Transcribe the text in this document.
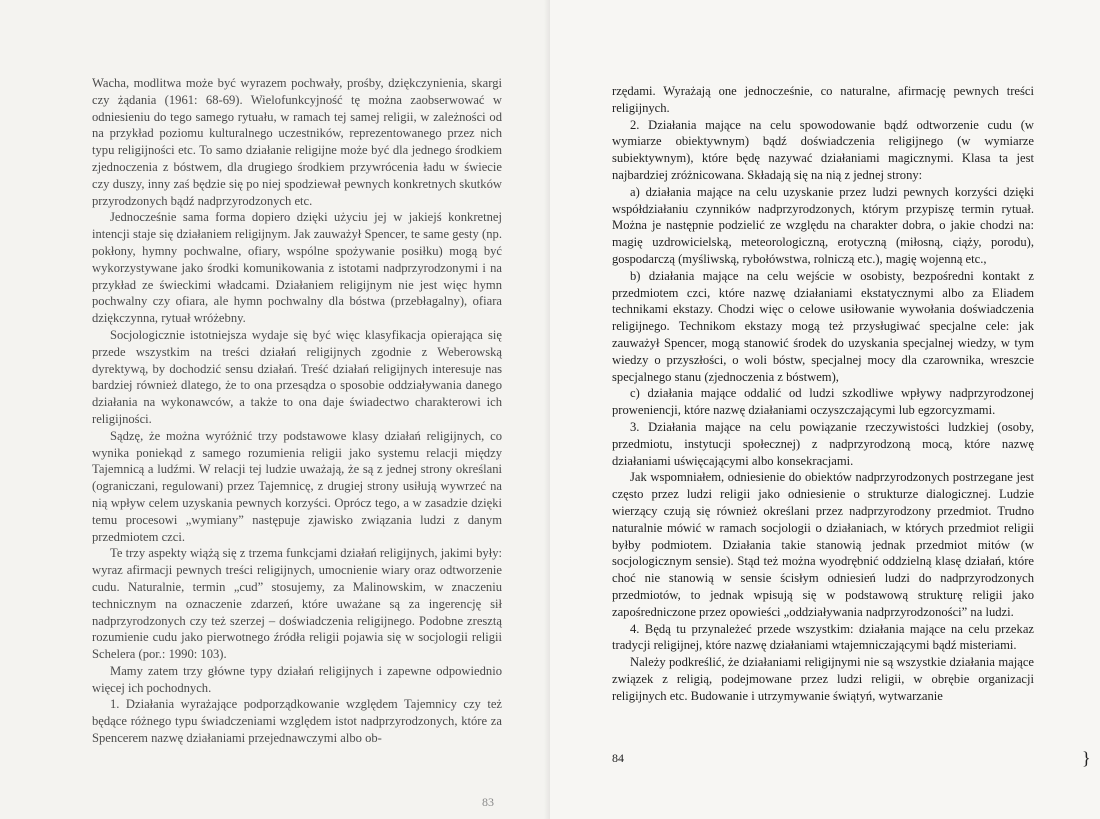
Wacha, modlitwa może być wyrazem pochwały, prośby, dziękczynienia, skargi czy żądania (1961: 68-69). Wielofunkcyjność tę można zaobserwować w odniesieniu do tego samego rytuału, w ramach tej samej religii, w zależności od na przykład poziomu kulturalnego uczestników, reprezentowanego przez nich typu religijności etc. To samo działanie religijne może być dla jednego środkiem zjednoczenia z bóstwem, dla drugiego środkiem przywrócenia ładu w świecie czy duszy, inny zaś będzie się po niej spodziewał pewnych konkretnych skutków przyrodzonych bądź nadprzyrodzonych etc.

Jednocześnie sama forma dopiero dzięki użyciu jej w jakiejś konkretnej intencji staje się działaniem religijnym. Jak zauważył Spencer, te same gesty (np. pokłony, hymny pochwalne, ofiary, wspólne spożywanie posiłku) mogą być wykorzystywane jako środki komunikowania z istotami nadprzyrodzonymi i na przykład ze świeckimi władcami. Działaniem religijnym nie jest więc hymn pochwalny czy ofiara, ale hymn pochwalny dla bóstwa (przebłagalny), ofiara dziękczynna, rytuał wróżebny.

Socjologicznie istotniejsza wydaje się być więc klasyfikacja opierająca się przede wszystkim na treści działań religijnych zgodnie z Weberowską dyrektywą, by dochodzić sensu działań. Treść działań religijnych interesuje nas bardziej również dlatego, że to ona przesądza o sposobie oddziaływania danego działania na wykonawców, a także to ona daje świadectwo charakterowi ich religijności.

Sądzę, że można wyróżnić trzy podstawowe klasy działań religijnych, co wynika poniekąd z samego rozumienia religii jako systemu relacji między Tajemnicą a ludźmi. W relacji tej ludzie uważają, że są z jednej strony określani (ograniczani, regulowani) przez Tajemnicę, z drugiej strony usiłują wywrzeć na nią wpływ celem uzyskania pewnych korzyści. Oprócz tego, a w zasadzie dzięki temu procesowi „wymiany” następuje zjawisko związania ludzi z danym przedmiotem czci.

Te trzy aspekty wiążą się z trzema funkcjami działań religijnych, jakimi były: wyraz afirmacji pewnych treści religijnych, umocnienie wiary oraz odtworzenie cudu. Naturalnie, termin „cud” stosujemy, za Malinowskim, w znaczeniu technicznym na oznaczenie zdarzeń, które uważane są za ingerencję sił nadprzyrodzonych czy też szerzej – doświadczenia religijnego. Podobne zresztą rozumienie cudu jako pierwotnego źródła religii pojawia się w socjologii religii Schelera (por.: 1990: 103).

Mamy zatem trzy główne typy działań religijnych i zapewne odpowiednio więcej ich pochodnych.

1. Działania wyrażające podporządkowanie względem Tajemnicy czy też będące różnego typu świadczeniami względem istot nadprzyrodzonych, które za Spencerem nazwę działaniami przejednawczymi albo ob-

83

rzędami. Wyrażają one jednocześnie, co naturalne, afirmację pewnych treści religijnych.

2. Działania mające na celu spowodowanie bądź odtworzenie cudu (w wymiarze obiektywnym) bądź doświadczenia religijnego (w wymiarze subiektywnym), które będę nazywać działaniami magicznymi. Klasa ta jest najbardziej zróżnicowana. Składają się na nią z jednej strony:

a) działania mające na celu uzyskanie przez ludzi pewnych korzyści dzięki współdziałaniu czynników nadprzyrodzonych, którym przypiszę termin rytuał. Można je następnie podzielić ze względu na charakter dobra, o jakie chodzi na: magię uzdrowicielską, meteorologiczną, erotyczną (miłosną, ciąży, porodu), gospodarczą (myśliwską, rybołówstwa, rolniczą etc.), magię wojenną etc.,

b) działania mające na celu wejście w osobisty, bezpośredni kontakt z przedmiotem czci, które nazwę działaniami ekstatycznymi albo za Eliadem technikami ekstazy. Chodzi więc o celowe usiłowanie wywołania doświadczenia religijnego. Technikom ekstazy mogą też przysługiwać specjalne cele: jak zauważył Spencer, mogą stanowić środek do uzyskania specjalnej wiedzy, w tym wiedzy o przyszłości, o woli bóstw, specjalnej mocy dla czarownika, wreszcie specjalnego stanu (zjednoczenia z bóstwem),

c) działania mające oddalić od ludzi szkodliwe wpływy nadprzyrodzonej proweniencji, które nazwę działaniami oczyszczającymi lub egzorcyzmami.

3. Działania mające na celu powiązanie rzeczywistości ludzkiej (osoby, przedmiotu, instytucji społecznej) z nadprzyrodzoną mocą, które nazwę działaniami uświęcającymi albo konsekracjami.

Jak wspomniałem, odniesienie do obiektów nadprzyrodzonych postrzegane jest często przez ludzi religii jako odniesienie o strukturze dialogicznej. Ludzie wierzący czują się również określani przez nadprzyrodzony przedmiot. Trudno naturalnie mówić w ramach socjologii o działaniach, w których przedmiot religii byłby podmiotem. Działania takie stanowią jednak przedmiot mitów (w socjologicznym sensie). Stąd też można wyodrębnić oddzielną klasę działań, które choć nie stanowią w sensie ścisłym odniesień ludzi do nadprzyrodzonych przedmiotów, to jednak wpisują się w podstawową strukturę religii jako zapośredniczone przez opowieści „oddziaływania nadprzyrodzoności” na ludzi.

4. Będą tu przynależeć przede wszystkim: działania mające na celu przekaz tradycji religijnej, które nazwę działaniami wtajemniczającymi bądź misteriami.

Należy podkreślić, że działaniami religijnymi nie są wszystkie działania mające związek z religią, podejmowane przez ludzi religii, w obrębie organizacji religijnych etc. Budowanie i utrzymywanie świątyń, wytwarzanie

84	}
